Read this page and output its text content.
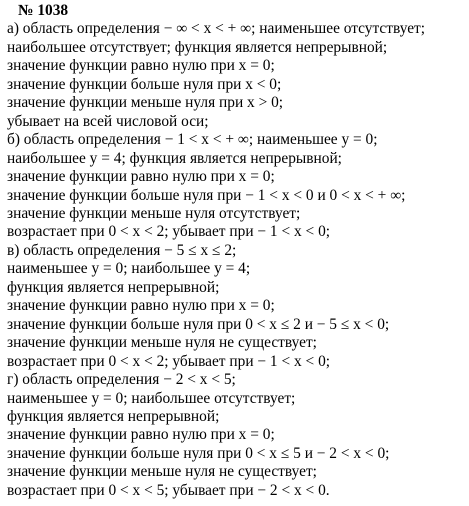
№ 1038
а) область определения − ∞ < x < + ∞; наименьшее отсутствует;
наибольшее отсутствует; функция является непрерывной;
значение функции равно нулю при x = 0;
значение функции больше нуля при x < 0;
значение функции меньше нуля при x > 0;
убывает на всей числовой оси;
б) область определения − 1 < x < + ∞; наименьшее y = 0;
наибольшее y = 4; функция является непрерывной;
значение функции равно нулю при x = 0;
значение функции больше нуля при − 1 < x < 0 и 0 < x < + ∞;
значение функции меньше нуля отсутствует;
возрастает при 0 < x < 2; убывает при − 1 < x < 0;
в) область определения − 5 ≤ x ≤ 2;
наименьшее y = 0; наибольшее y = 4;
функция является непрерывной;
значение функции равно нулю при x = 0;
значение функции больше нуля при 0 < x ≤ 2 и − 5 ≤ x < 0;
значение функции меньше нуля не существует;
возрастает при 0 < x < 2; убывает при − 1 < x < 0;
г) область определения − 2 < x < 5;
наименьшее y = 0; наибольшее отсутствует;
функция является непрерывной;
значение функции равно нулю при x = 0;
значение функции больше нуля при 0 < x ≤ 5 и − 2 < x < 0;
значение функции меньше нуля не существует;
возрастает при 0 < x < 5; убывает при − 2 < x < 0.
